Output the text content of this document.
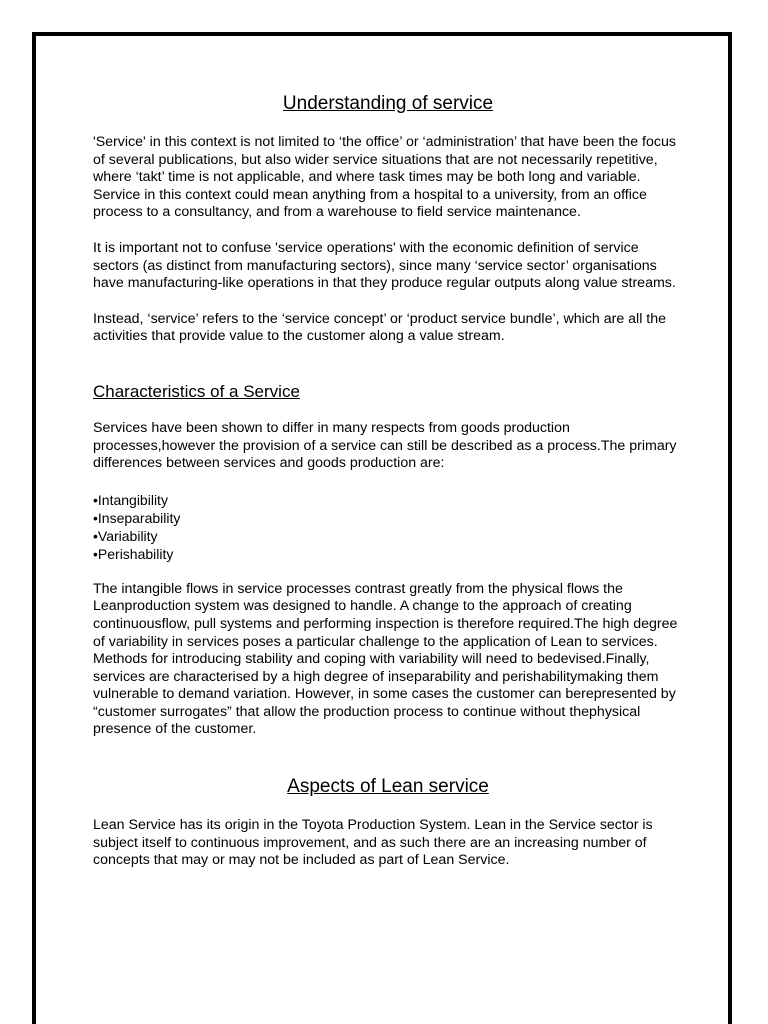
Understanding of service

'Service' in this context is not limited to ‘the office’ or ‘administration’ that have been the focus of several publications, but also wider service situations that are not necessarily repetitive, where ‘takt’ time is not applicable, and where task times may be both long and variable. Service in this context could mean anything from a hospital to a university, from an office process to a consultancy, and from a warehouse to field service maintenance.

It is important not to confuse 'service operations' with the economic definition of service sectors (as distinct from manufacturing sectors), since many ‘service sector’ organisations have manufacturing-like operations in that they produce regular outputs along value streams.

Instead, ‘service’ refers to the ‘service concept’ or ‘product service bundle’, which are all the activities that provide value to the customer along a value stream.

Characteristics of a Service

Services have been shown to differ in many respects from goods production processes,however the provision of a service can still be described as a process.The primary differences between services and goods production are:

•Intangibility
•Inseparability
•Variability
•Perishability

The intangible flows in service processes contrast greatly from the physical flows the Leanproduction system was designed to handle. A change to the approach of creating continuousflow, pull systems and performing inspection is therefore required.The high degree of variability in services poses a particular challenge to the application of Lean to services. Methods for introducing stability and coping with variability will need to bedevised.Finally, services are characterised by a high degree of inseparability and perishabilitymaking them vulnerable to demand variation. However, in some cases the customer can berepresented by “customer surrogates” that allow the production process to continue without thephysical presence of the customer.

Aspects of Lean service

Lean Service has its origin in the Toyota Production System. Lean in the Service sector is subject itself to continuous improvement, and as such there are an increasing number of concepts that may or may not be included as part of Lean Service.
